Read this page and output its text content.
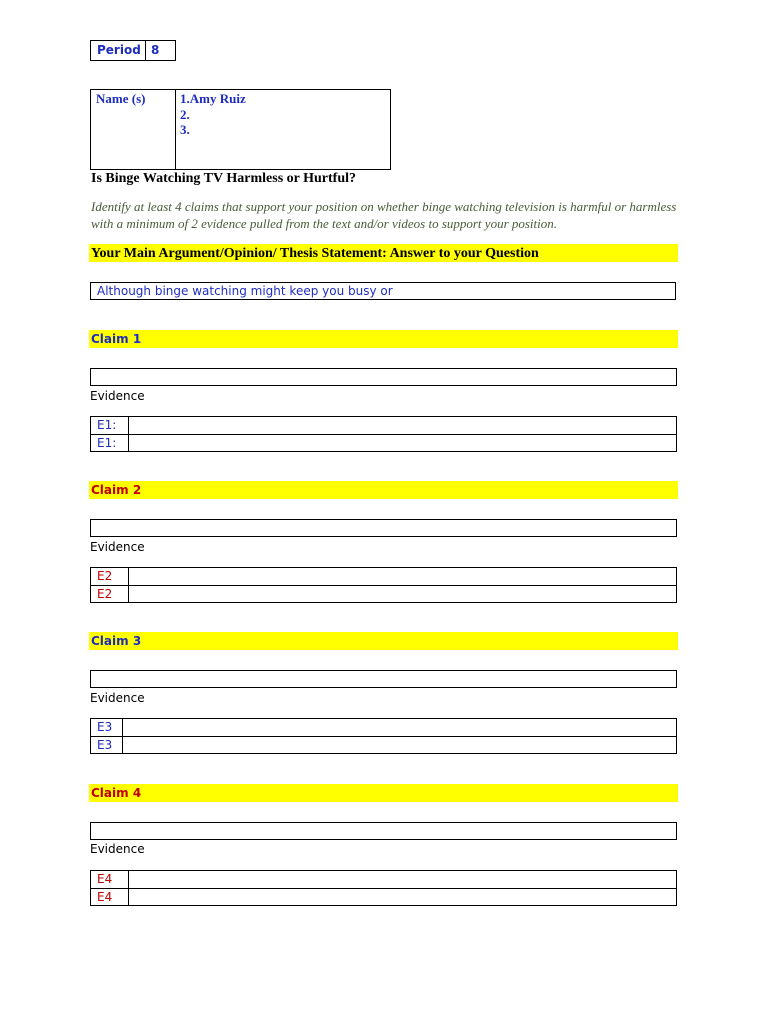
Period 8
Name (s)	1.Amy Ruiz
2.
3.
Is Binge Watching TV Harmless or Hurtful?
Identify at least 4 claims that support your position on whether binge watching television is harmful or harmless with a minimum of 2 evidence pulled from the text and/or videos to support your position.
Your Main Argument/Opinion/ Thesis Statement: Answer to your Question
Although binge watching might keep you busy or
Claim 1
Evidence
E1:
E1:
Claim 2
Evidence
E2
E2
Claim 3
Evidence
E3
E3
Claim 4
Evidence
E4
E4
